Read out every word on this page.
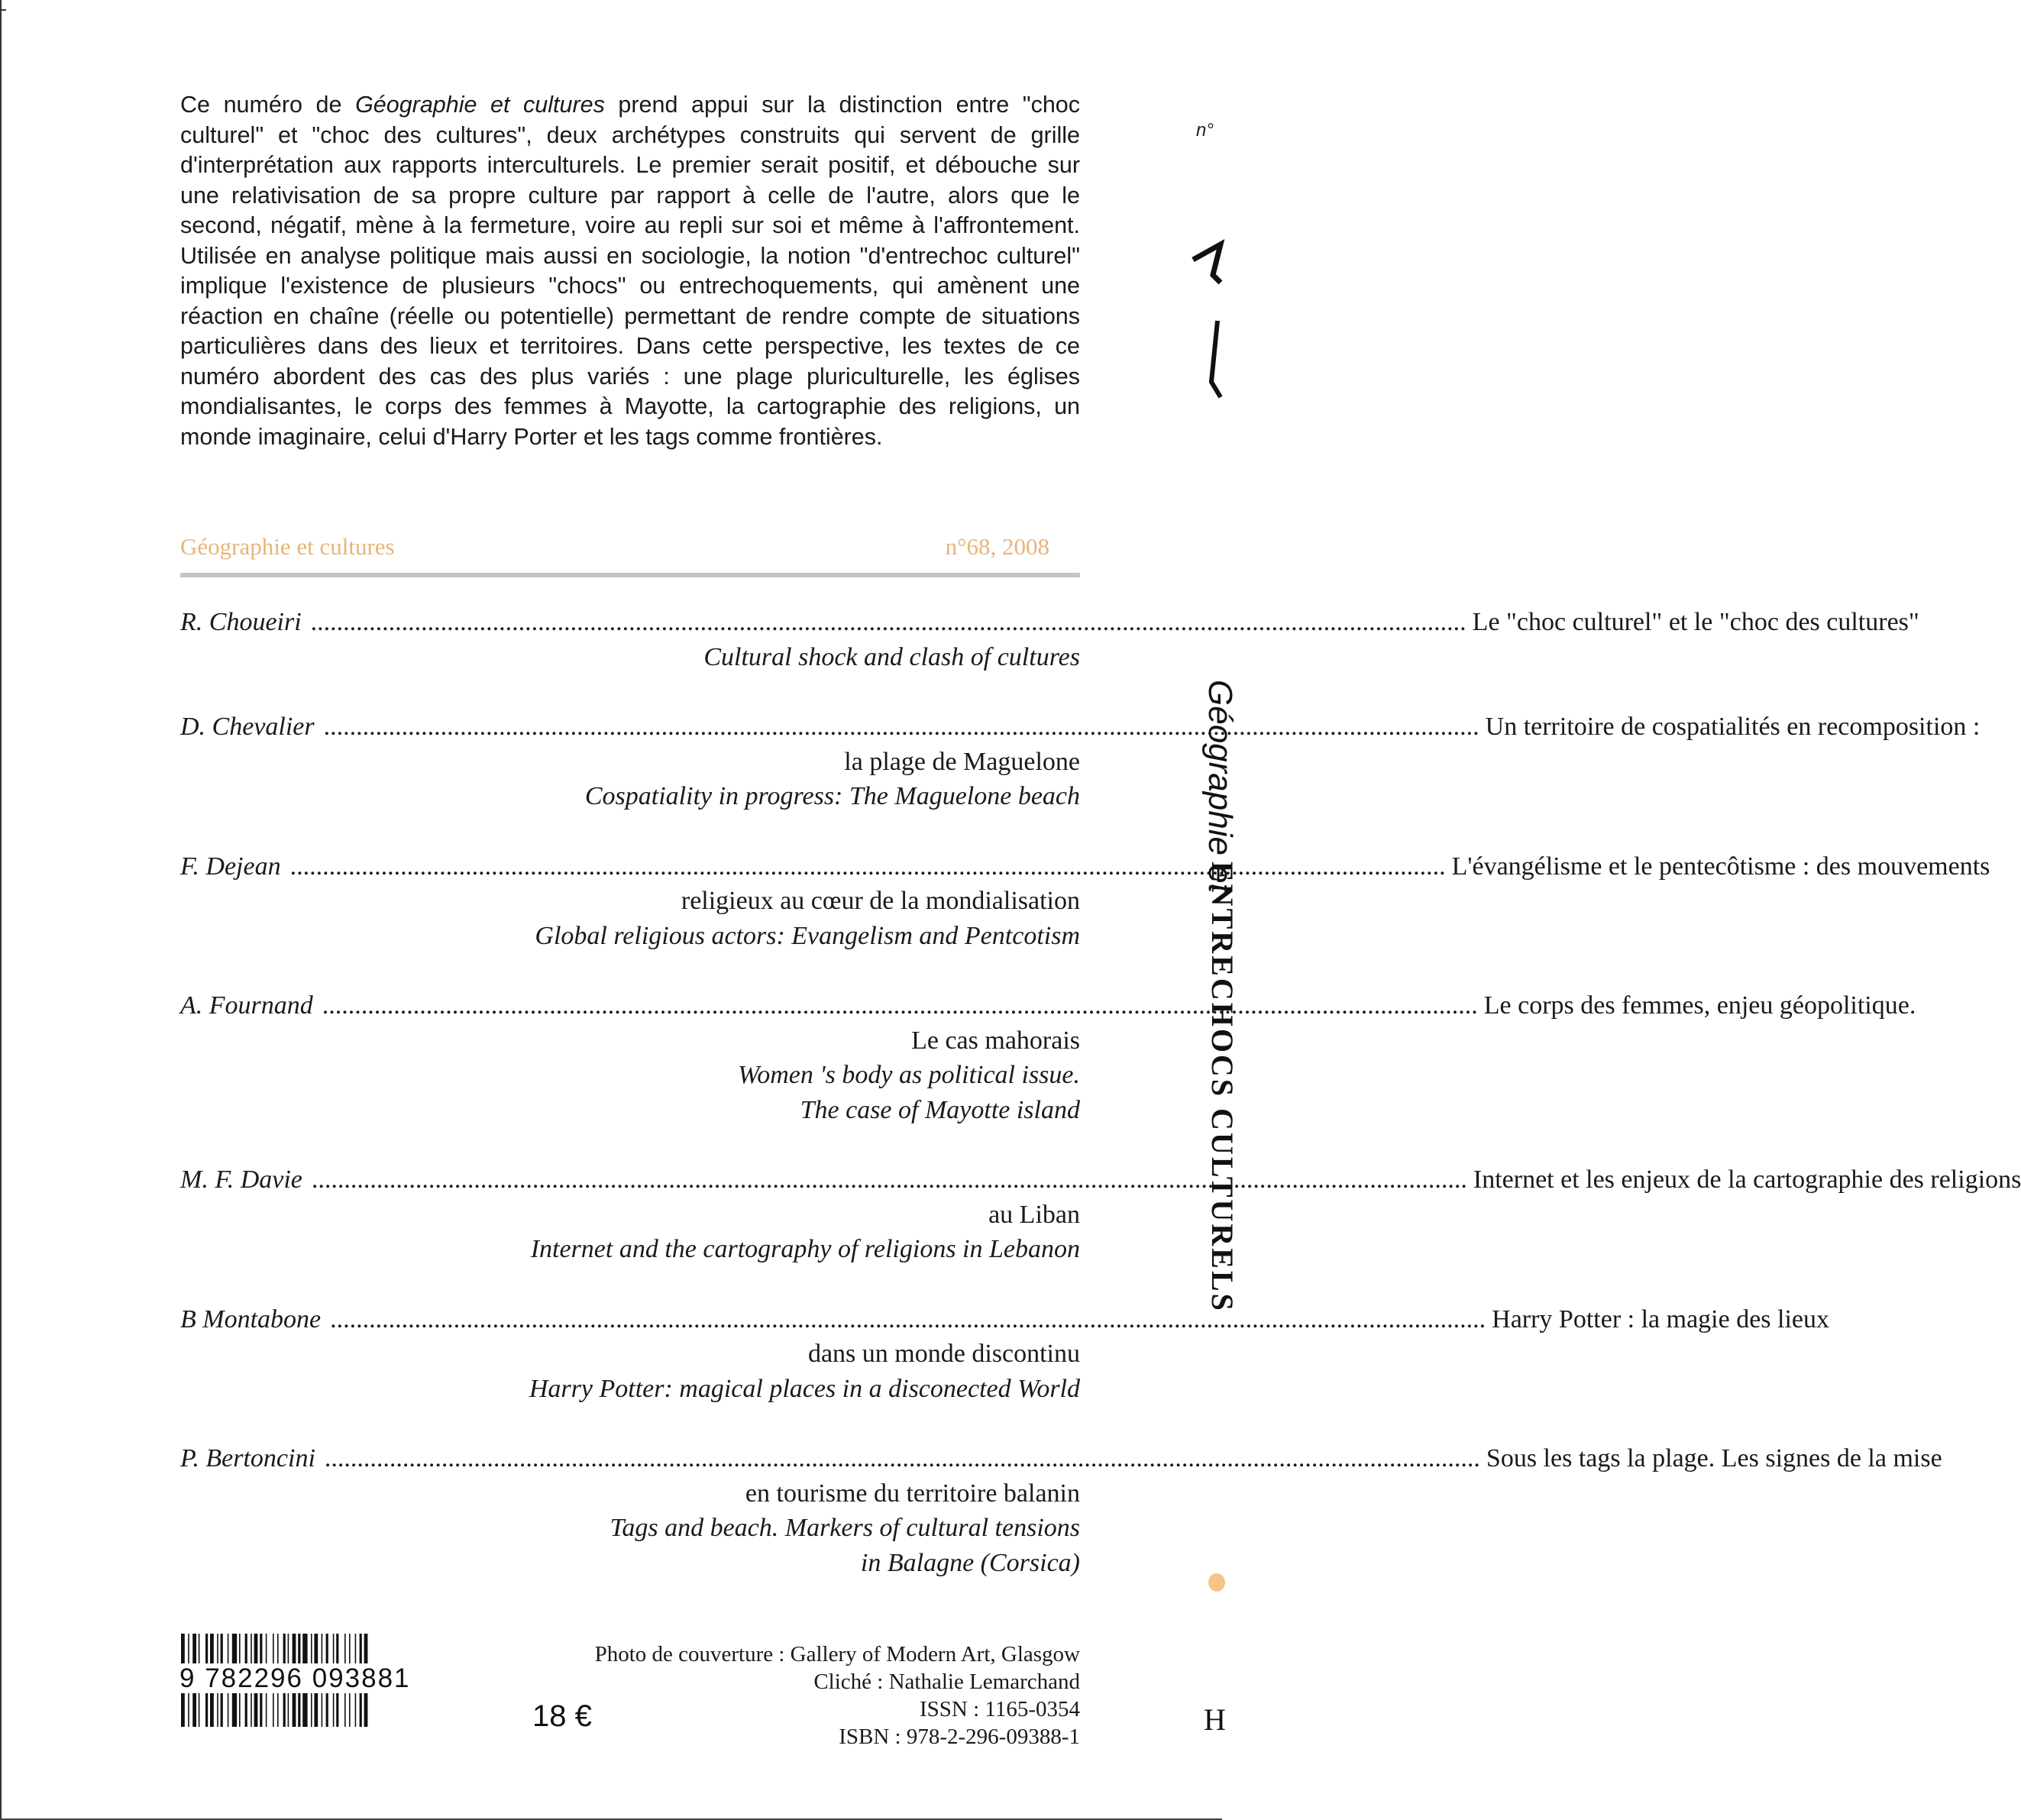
Ce numéro de Géographie et cultures prend appui sur la distinction entre "choc culturel" et "choc des cultures", deux archétypes construits qui servent de grille d'interprétation aux rapports interculturels. Le premier serait positif, et débouche sur une relativisation de sa propre culture par rapport à celle de l'autre, alors que le second, négatif, mène à la fermeture, voire au repli sur soi et même à l'affrontement. Utilisée en analyse politique mais aussi en sociologie, la notion "d'entrechoc culturel" implique l'existence de plusieurs "chocs" ou entrechoquements, qui amènent une réaction en chaîne (réelle ou potentielle) permettant de rendre compte de situations particulières dans des lieux et territoires. Dans cette perspective, les textes de ce numéro abordent des cas des plus variés : une plage pluriculturelle, les églises mondialisantes, le corps des femmes à Mayotte, la cartographie des religions, un monde imaginaire, celui d'Harry Porter et les tags comme frontières.

Géographie et cultures	n°68, 2008
R. Choueiri .....	Le "choc culturel" et le "choc des cultures"
Cultural shock and clash of cultures
D. Chevalier .....	Un territoire de cospatialités en recomposition :
la plage de Maguelone
Cospatiality in progress: The Maguelone beach
F. Dejean .....	L'évangélisme et le pentecôtisme : des mouvements
religieux au cœur de la mondialisation
Global religious actors: Evangelism and Pentcotism
A. Fournand .....	Le corps des femmes, enjeu géopolitique.
Le cas mahorais
Women 's body as political issue.
The case of Mayotte island
M. F. Davie .....	Internet et les enjeux de la cartographie des religions
au Liban
Internet and the cartography of religions in Lebanon
B Montabone .....	Harry Potter : la magie des lieux
dans un monde discontinu
Harry Potter: magical places in a disconected World
P. Bertoncini .....	Sous les tags la plage. Les signes de la mise
en tourisme du territoire balanin
Tags and beach. Markers of cultural tensions
in Balagne (Corsica)
9 782296 093881
18 €
Photo de couverture : Gallery of Modern Art, Glasgow
Cliché : Nathalie Lemarchand
ISSN : 1165-0354
ISBN : 978-2-296-09388-1
n°
Géographie et
ENTRECHOCS CULTURELS
H
